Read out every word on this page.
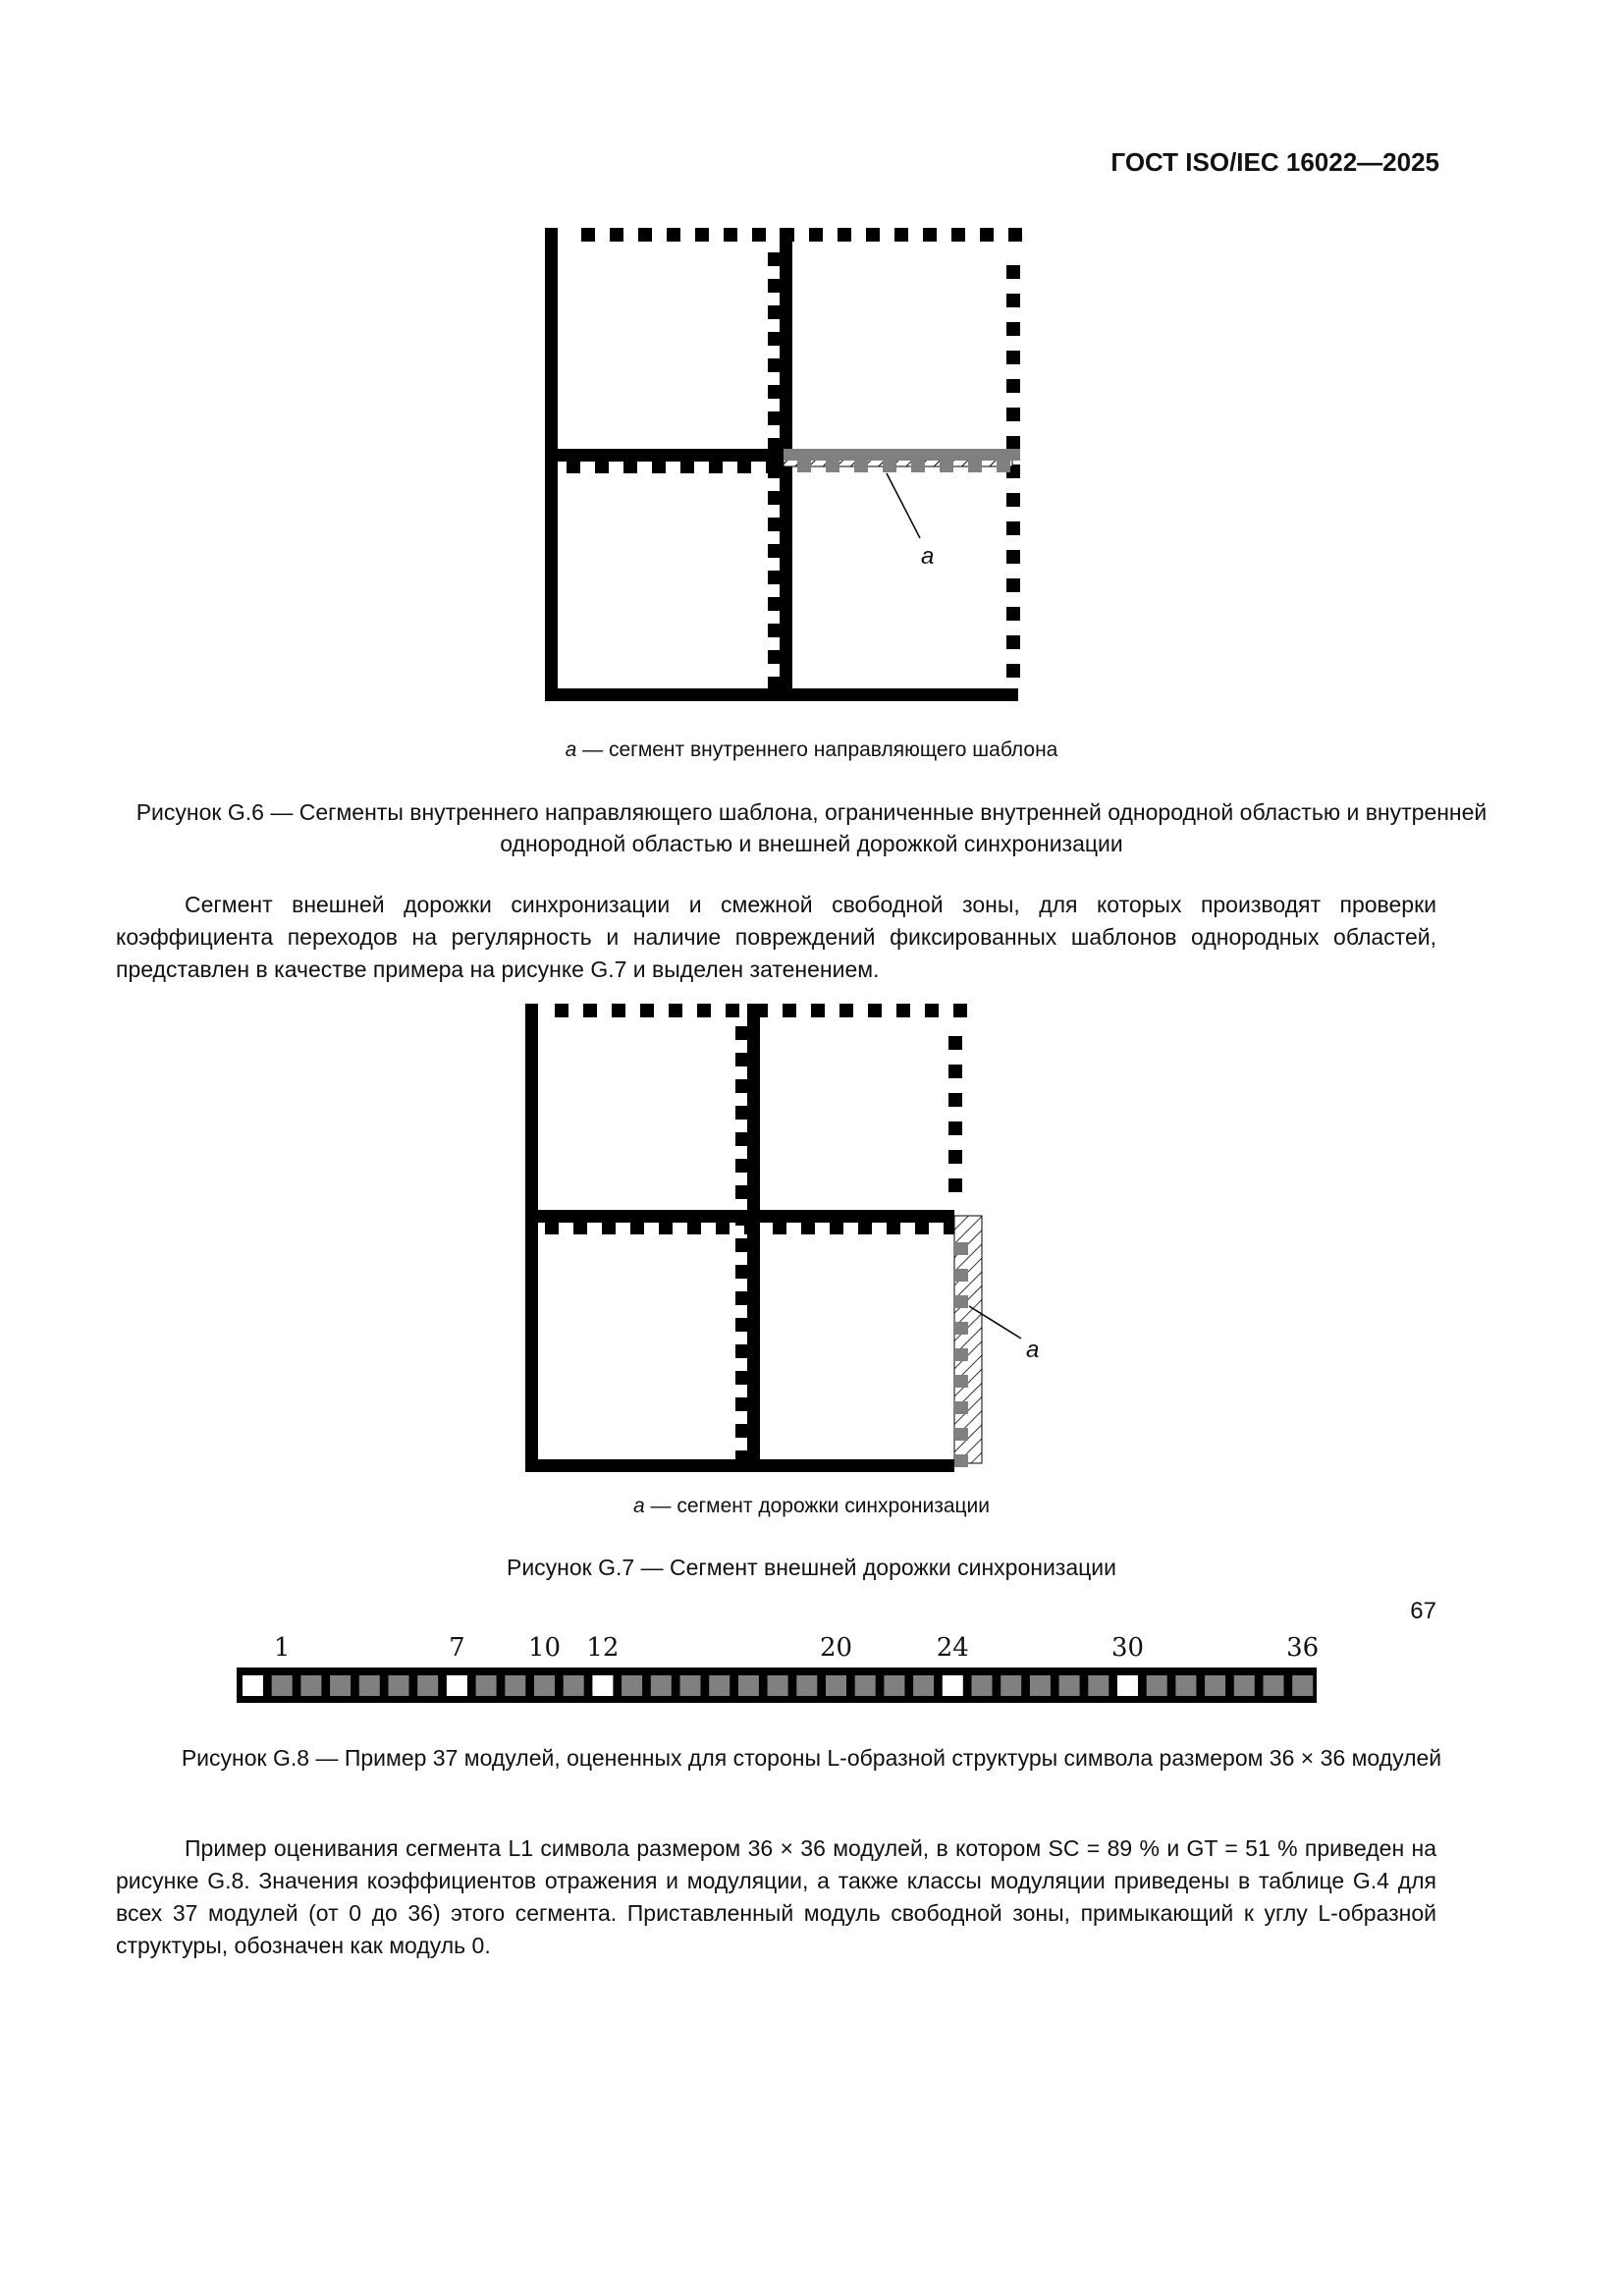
ГОСТ ISO/IEC 16022—2025
a
а — сегмент внутреннего направляющего шаблона
Рисунок G.6 — Сегменты внутреннего направляющего шаблона, ограниченные внутренней однородной областью и внутренней однородной областью и внешней дорожкой синхронизации
Сегмент внешней дорожки синхронизации и смежной свободной зоны, для которых производят проверки коэффициента переходов на регулярность и наличие повреждений фиксированных шаблонов однородных областей, представлен в качестве примера на рисунке G.7 и выделен затенением.
a
а — сегмент дорожки синхронизации
Рисунок G.7 — Сегмент внешней дорожки синхронизации
1	7 10 12	20	24	30	36
Рисунок G.8 — Пример 37 модулей, оцененных для стороны L-образной структуры символа размером 36 × 36 модулей
Пример оценивания сегмента L1 символа размером 36 × 36 модулей, в котором SC = 89 % и GT = 51 % приведен на рисунке G.8. Значения коэффициентов отражения и модуляции, а также классы модуляции приведены в таблице G.4 для всех 37 модулей (от 0 до 36) этого сегмента. Приставленный модуль свободной зоны, примыкающий к углу L-образной структуры, обозначен как модуль 0.
67
